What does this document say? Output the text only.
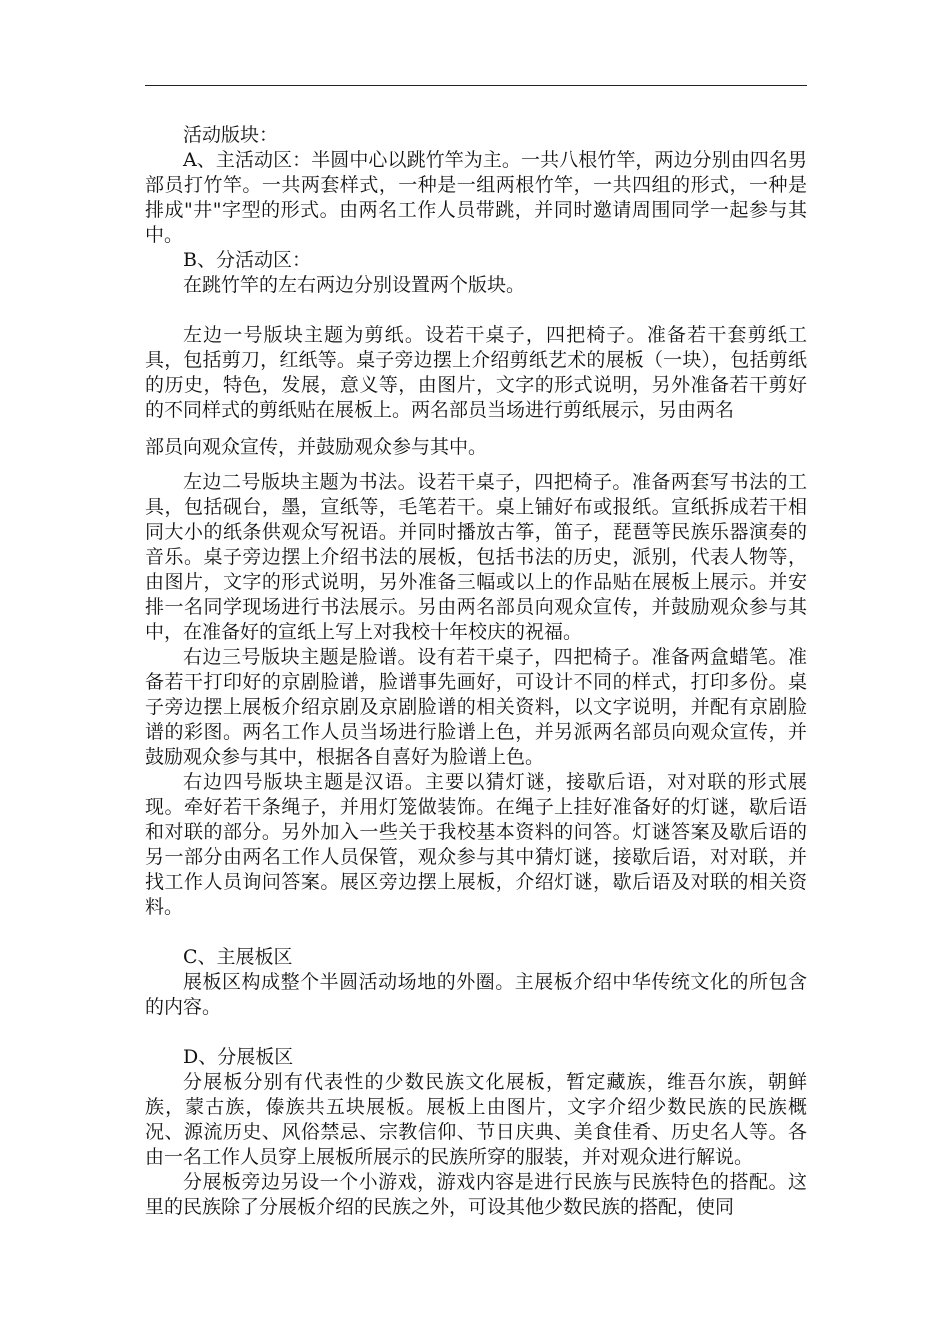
活动版块：

A、主活动区：半圆中心以跳竹竿为主。一共八根竹竿，两边分别由四名男部员打竹竿。一共两套样式，一种是一组两根竹竿，一共四组的形式，一种是排成"井"字型的形式。由两名工作人员带跳，并同时邀请周围同学一起参与其中。

B、分活动区：

在跳竹竿的左右两边分别设置两个版块。

左边一号版块主题为剪纸。设若干桌子，四把椅子。准备若干套剪纸工具，包括剪刀，红纸等。桌子旁边摆上介绍剪纸艺术的展板（一块），包括剪纸的历史，特色，发展，意义等，由图片，文字的形式说明，另外准备若干剪好的不同样式的剪纸贴在展板上。两名部员当场进行剪纸展示，另由两名

部员向观众宣传，并鼓励观众参与其中。

左边二号版块主题为书法。设若干桌子，四把椅子。准备两套写书法的工具，包括砚台，墨，宣纸等，毛笔若干。桌上铺好布或报纸。宣纸拆成若干相同大小的纸条供观众写祝语。并同时播放古筝，笛子，琵琶等民族乐器演奏的音乐。桌子旁边摆上介绍书法的展板，包括书法的历史，派别，代表人物等，由图片，文字的形式说明，另外准备三幅或以上的作品贴在展板上展示。并安排一名同学现场进行书法展示。另由两名部员向观众宣传，并鼓励观众参与其中，在准备好的宣纸上写上对我校十年校庆的祝福。

右边三号版块主题是脸谱。设有若干桌子，四把椅子。准备两盒蜡笔。准备若干打印好的京剧脸谱，脸谱事先画好，可设计不同的样式，打印多份。桌子旁边摆上展板介绍京剧及京剧脸谱的相关资料，以文字说明，并配有京剧脸谱的彩图。两名工作人员当场进行脸谱上色，并另派两名部员向观众宣传，并鼓励观众参与其中，根据各自喜好为脸谱上色。

右边四号版块主题是汉语。主要以猜灯谜，接歇后语，对对联的形式展现。牵好若干条绳子，并用灯笼做装饰。在绳子上挂好准备好的灯谜，歇后语和对联的部分。另外加入一些关于我校基本资料的问答。灯谜答案及歇后语的另一部分由两名工作人员保管，观众参与其中猜灯谜，接歇后语，对对联，并找工作人员询问答案。展区旁边摆上展板，介绍灯谜，歇后语及对联的相关资料。

C、主展板区

展板区构成整个半圆活动场地的外圈。主展板介绍中华传统文化的所包含的内容。

D、分展板区

分展板分别有代表性的少数民族文化展板，暂定藏族，维吾尔族，朝鲜族，蒙古族，傣族共五块展板。展板上由图片，文字介绍少数民族的民族概况、源流历史、风俗禁忌、宗教信仰、节日庆典、美食佳肴、历史名人等。各由一名工作人员穿上展板所展示的民族所穿的服装，并对观众进行解说。

分展板旁边另设一个小游戏，游戏内容是进行民族与民族特色的搭配。这里的民族除了分展板介绍的民族之外，可设其他少数民族的搭配，使同
